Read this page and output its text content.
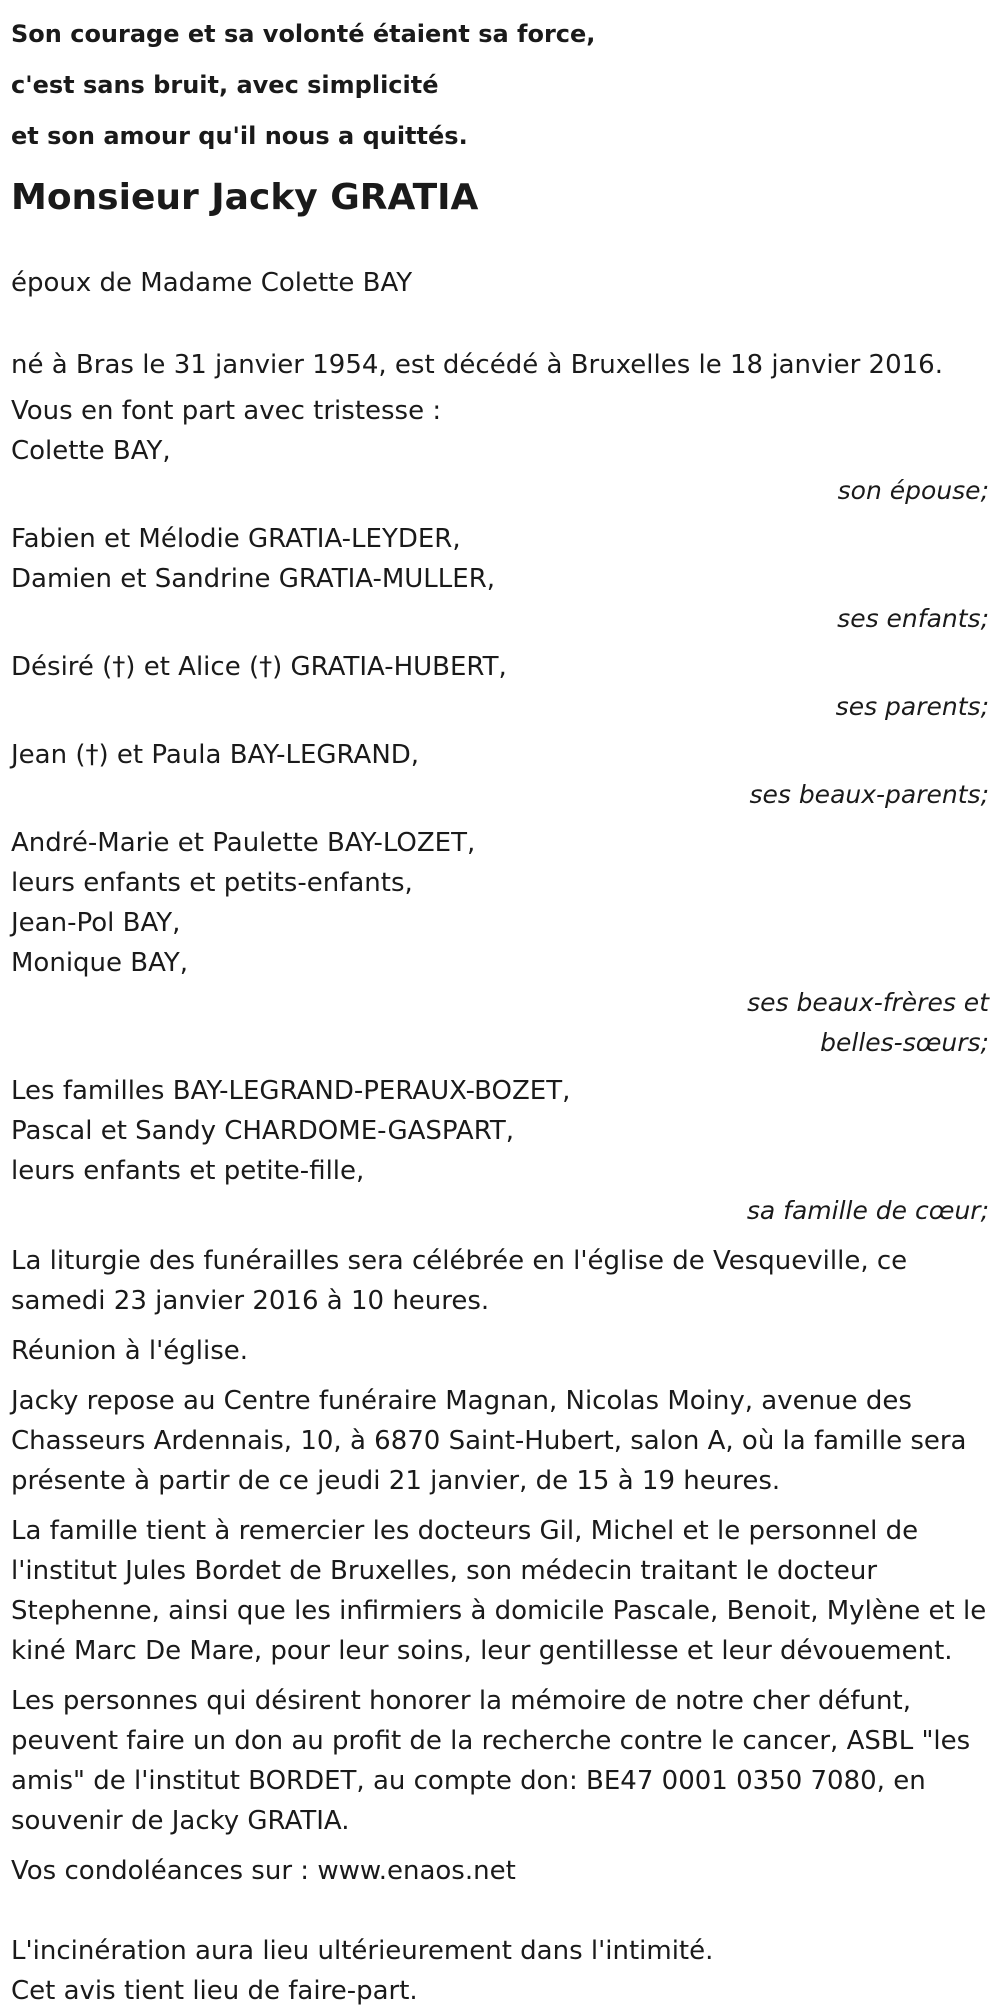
Son courage et sa volonté étaient sa force,
c'est sans bruit, avec simplicité
et son amour qu'il nous a quittés.
Monsieur Jacky GRATIA

époux de Madame Colette BAY

né à Bras le 31 janvier 1954, est décédé à Bruxelles le 18 janvier 2016.

Vous en font part avec tristesse :

Colette BAY,

son épouse;

Fabien et Mélodie GRATIA-LEYDER,

Damien et Sandrine GRATIA-MULLER,

ses enfants;

Désiré (†) et Alice (†) GRATIA-HUBERT,

ses parents;

Jean (†) et Paula BAY-LEGRAND,

ses beaux-parents;

André-Marie et Paulette BAY-LOZET,

leurs enfants et petits-enfants,

Jean-Pol BAY,

Monique BAY,

ses beaux-frères et

belles-sœurs;

Les familles BAY-LEGRAND-PERAUX-BOZET,

Pascal et Sandy CHARDOME-GASPART,

leurs enfants et petite-fille,

sa famille de cœur;

La liturgie des funérailles sera célébrée en l'église de Vesqueville, ce samedi 23 janvier 2016 à 10 heures.

Réunion à l'église.

Jacky repose au Centre funéraire Magnan, Nicolas Moiny, avenue des Chasseurs Ardennais, 10, à 6870 Saint-Hubert, salon A, où la famille sera présente à partir de ce jeudi 21 janvier, de 15 à 19 heures.

La famille tient à remercier les docteurs Gil, Michel et le personnel de l'institut Jules Bordet de Bruxelles, son médecin traitant le docteur Stephenne, ainsi que les infirmiers à domicile Pascale, Benoit, Mylène et le kiné Marc De Mare, pour leur soins, leur gentillesse et leur dévouement.

Les personnes qui désirent honorer la mémoire de notre cher défunt, peuvent faire un don au profit de la recherche contre le cancer, ASBL "les amis" de l'institut BORDET, au compte don: BE47 0001 0350 7080, en souvenir de Jacky GRATIA.

Vos condoléances sur : www.enaos.net

L'incinération aura lieu ultérieurement dans l'intimité.

Cet avis tient lieu de faire-part.
